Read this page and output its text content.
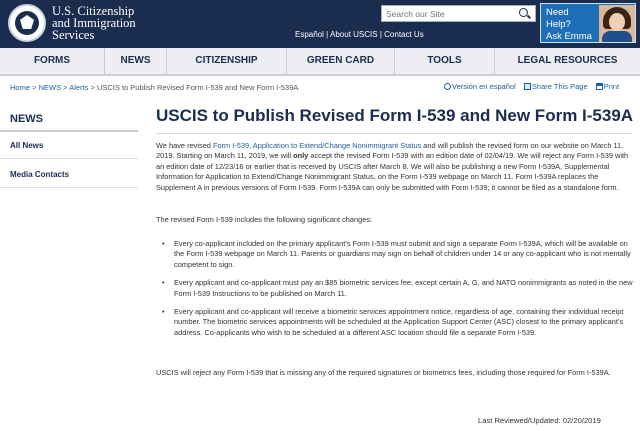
U.S. Citizenship
and Immigration
Services
Search our Site	Español | About USCIS | Contact Us
Need
Help?
Ask Emma
FORMS	NEWS	CITIZENSHIP	GREEN CARD	TOOLS	LEGAL RESOURCES
Home > NEWS > Alerts > USCIS to Publish Revised Form I-539 and New Form I-539A	Versión en español Share This Page Print
NEWS
All News
Media Contacts
USCIS to Publish Revised Form I-539 and New Form I-539A
We have revised Form I-539, Application to Extend/Change Nonimmigrant Status and will publish the revised form on our website on March 11, 2019. Starting on March 11, 2019, we will only accept the revised Form I-539 with an edition date of 02/04/19. We will reject any Form I-539 with an edition date of 12/23/16 or earlier that is received by USCIS after March 8. We will also be publishing a new Form I-539A, Supplemental Information for Application to Extend/Change Nonimmigrant Status, on the Form I-539 webpage on March 11. Form I-539A replaces the Supplement A in previous versions of Form I-539. Form I-539A can only be submitted with Form I-539; it cannot be filed as a standalone form.
The revised Form I-539 includes the following significant changes:
• Every co-applicant included on the primary applicant’s Form I-539 must submit and sign a separate Form I-539A, which will be available on the Form I-539 webpage on March 11. Parents or guardians may sign on behalf of children under 14 or any co-applicant who is not mentally competent to sign.
• Every applicant and co-applicant must pay an $85 biometric services fee, except certain A, G, and NATO nonimmigrants as noted in the new Form I-539 Instructions to be published on March 11.
• Every applicant and co-applicant will receive a biometric services appointment notice, regardless of age, containing their individual receipt number. The biometric services appointments will be scheduled at the Application Support Center (ASC) closest to the primary applicant’s address. Co-applicants who wish to be scheduled at a different ASC location should file a separate Form I-539.
USCIS will reject any Form I-539 that is missing any of the required signatures or biometrics fees, including those required for Form I-539A.
Last Reviewed/Updated: 02/20/2019
